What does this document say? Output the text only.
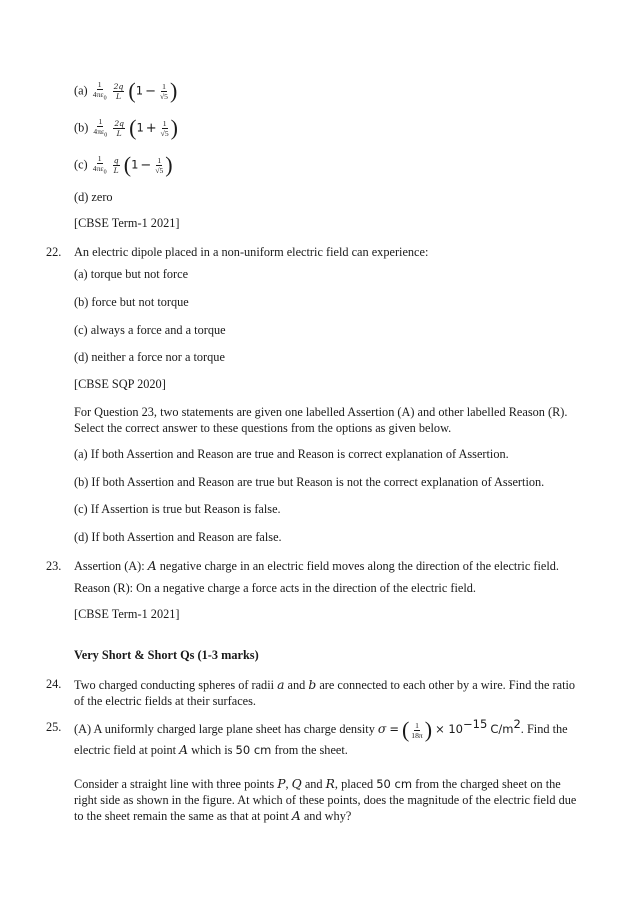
$(a) \frac{1}{4\pi\varepsilon_0}$
$\frac{2q}{L} (1 - \frac{1}{√5}$ )
$(b) \frac{1}{4\pi\varepsilon_0}$
$\frac{2q}{L} (1 + \frac{1}{√5}$ )
$(c) \frac{1}{4\pi\varepsilon_0}$
$\frac{q}{L} (1 - \frac{1}{√5}$ )
(d) zero
[CBSE Term-1 2021]
22. An electric dipole placed in a non-uniform electric field can experience:
(a) torque but not force
(b) force but not torque
(c) always a force and a torque
(d) neither a force nor a torque
[CBSE SQP 2020]
For Question 23, two statements are given one labelled Assertion (A) and other labelled Reason (R). Select the correct answer to these questions from the options as given below.
(a) If both Assertion and Reason are true and Reason is correct explanation of Assertion.
(b) If both Assertion and Reason are true but Reason is not the correct explanation of Assertion.
(c) If Assertion is true but Reason is false.
(d) If both Assertion and Reason are false.
23. Assertion (A): A negative charge in an electric field moves along the direction of the electric field.
Reason (R): On a negative charge a force acts in the direction of the electric field.
[CBSE Term-1 2021]
Very Short & Short Qs (1-3 marks)
24. Two charged conducting spheres of radii a and b are connected to each other by a wire. Find the ratio of the electric fields at their surfaces.
25. (A) A uniformly charged large plane sheet has charge density σ = ( $\frac{1}{18\pi}$ ) × 10−15 C/m2. Find the
electric field at point A which is 50 cm from the sheet.
Consider a straight line with three points P, Q and R, placed 50 cm from the charged sheet on the right side as shown in the figure. At which of these points, does the magnitude of the electric field due to the sheet remain the same as that at point A and why?
